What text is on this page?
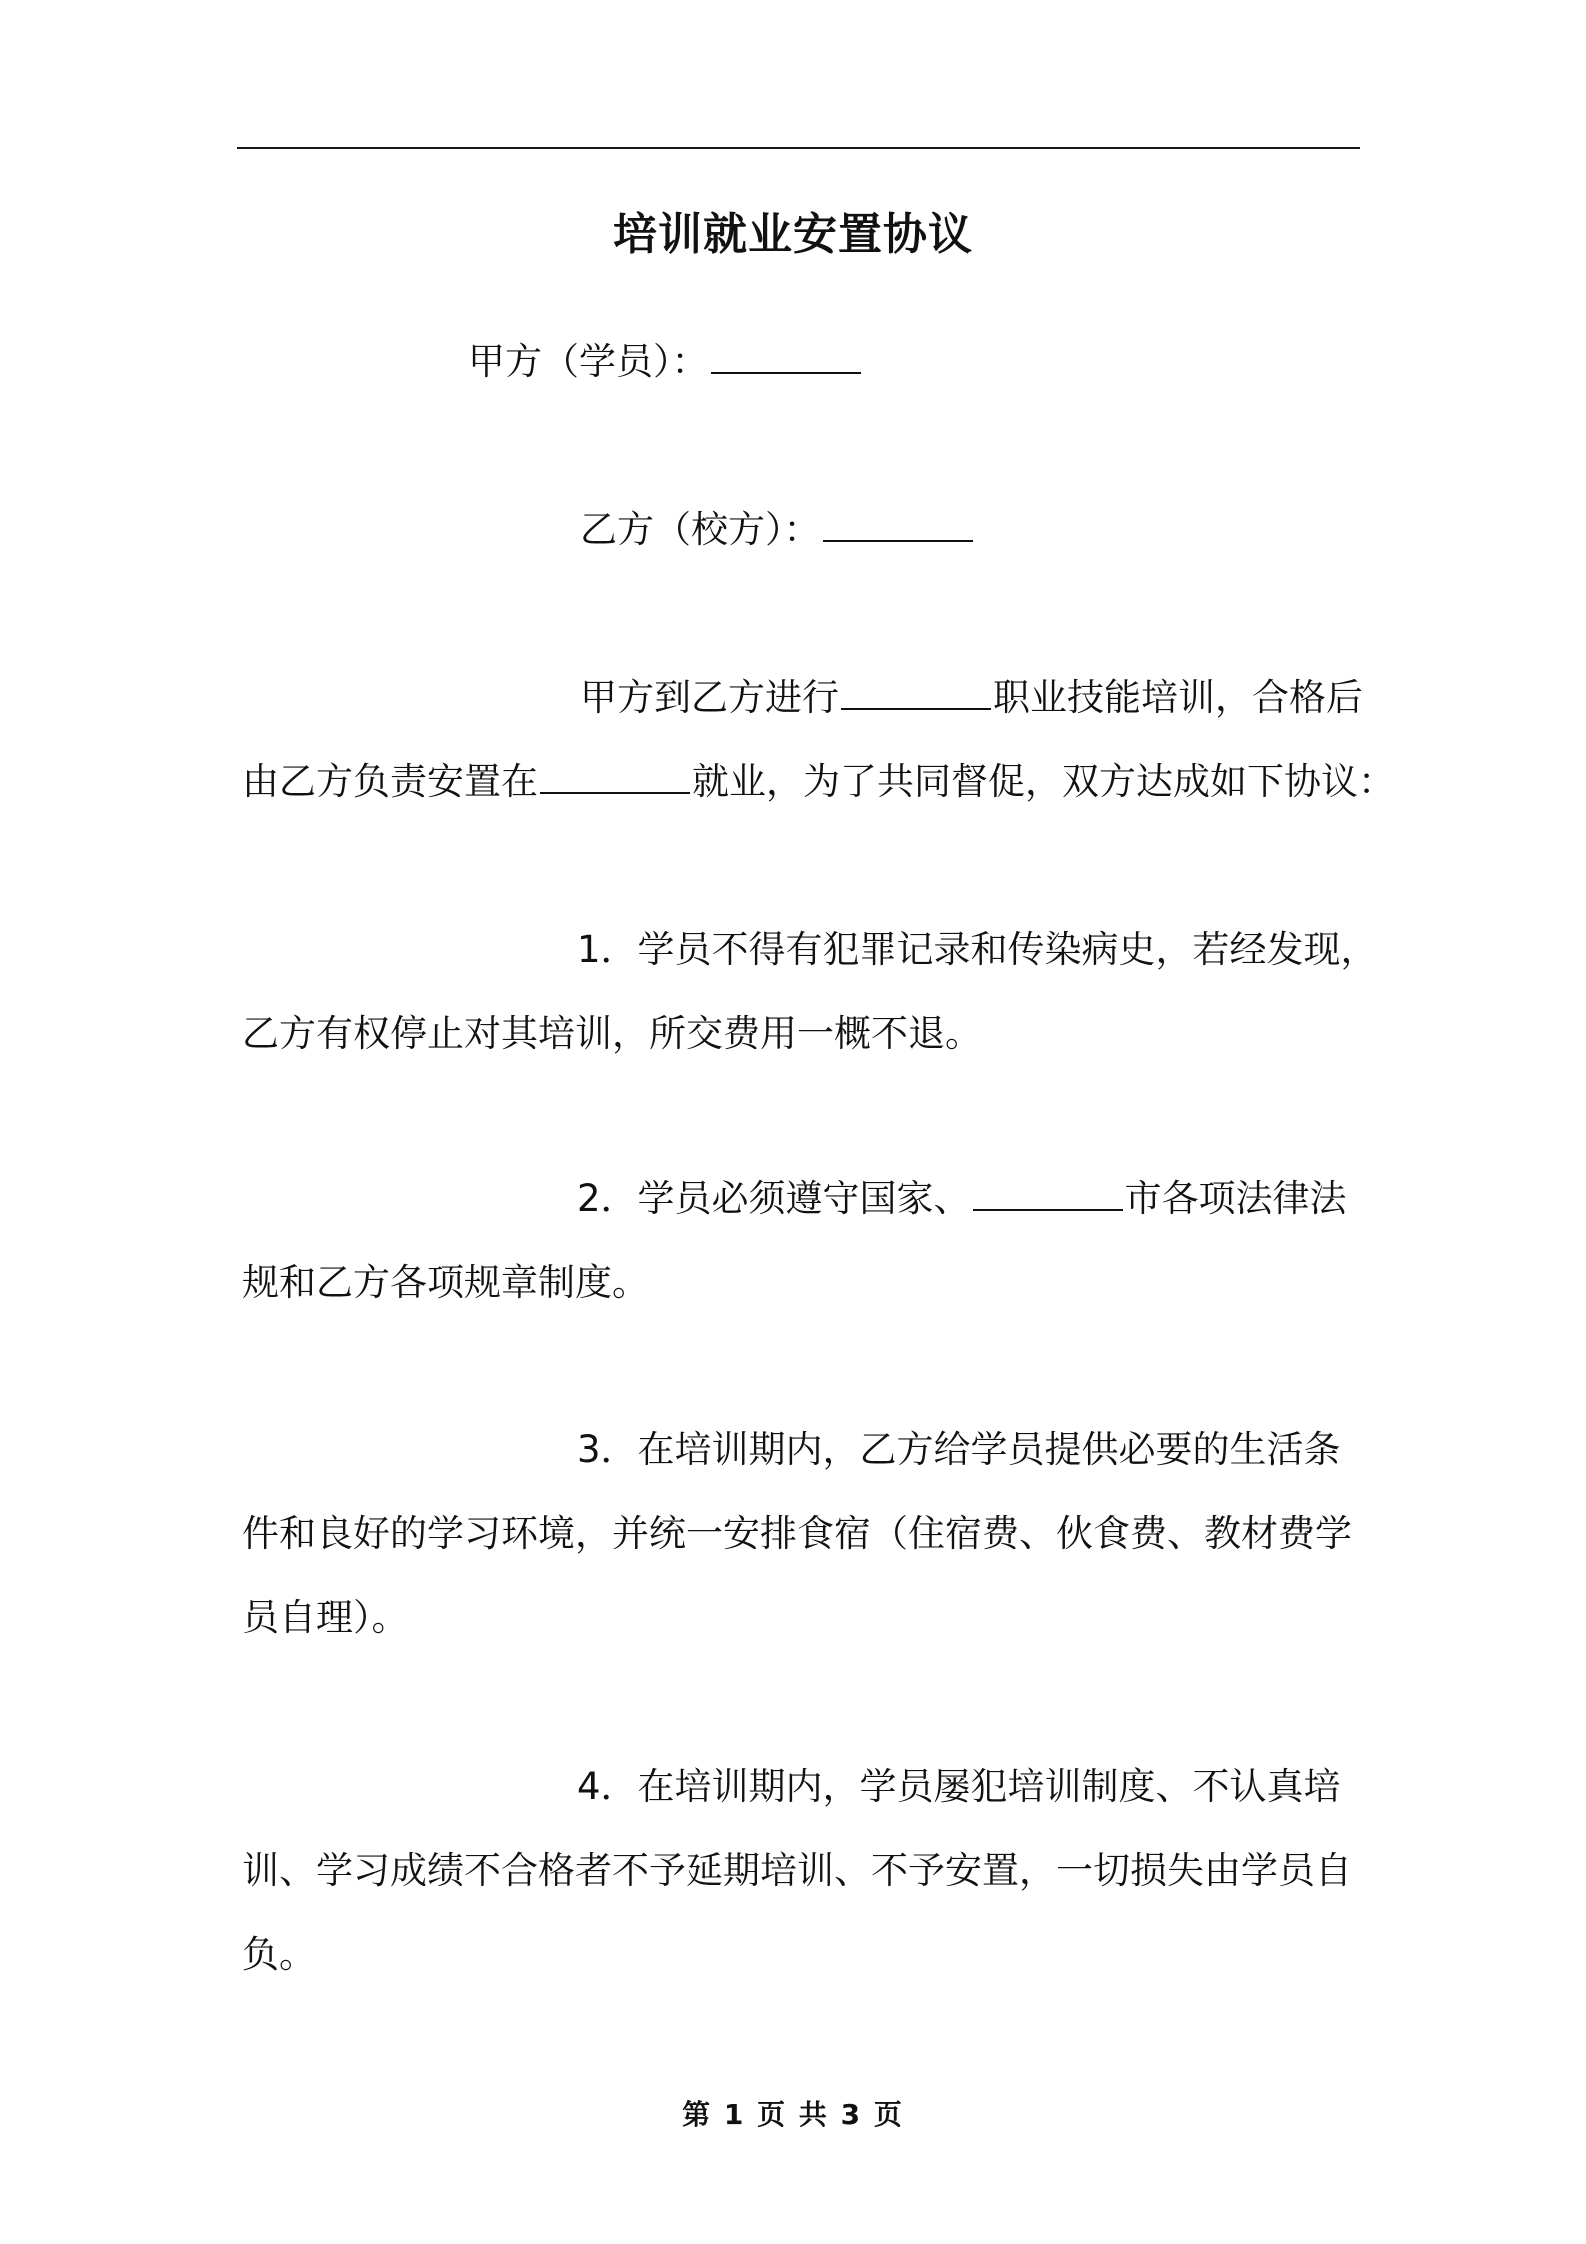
培训就业安置协议
甲方（学员）：
乙方（校方）：
甲方到乙方进行	职业技能培训，合格后
由乙方负责安置在	就业，为了共同督促，双方达成如下协议：
1．学员不得有犯罪记录和传染病史，若经发现，
乙方有权停止对其培训，所交费用一概不退。
2．学员必须遵守国家、	市各项法律法
规和乙方各项规章制度。
3．在培训期内，乙方给学员提供必要的生活条
件和良好的学习环境，并统一安排食宿（住宿费、伙食费、教材费学
员自理）。
4．在培训期内，学员屡犯培训制度、不认真培
训、学习成绩不合格者不予延期培训、不予安置，一切损失由学员自
负。
第 1 页 共 3 页
